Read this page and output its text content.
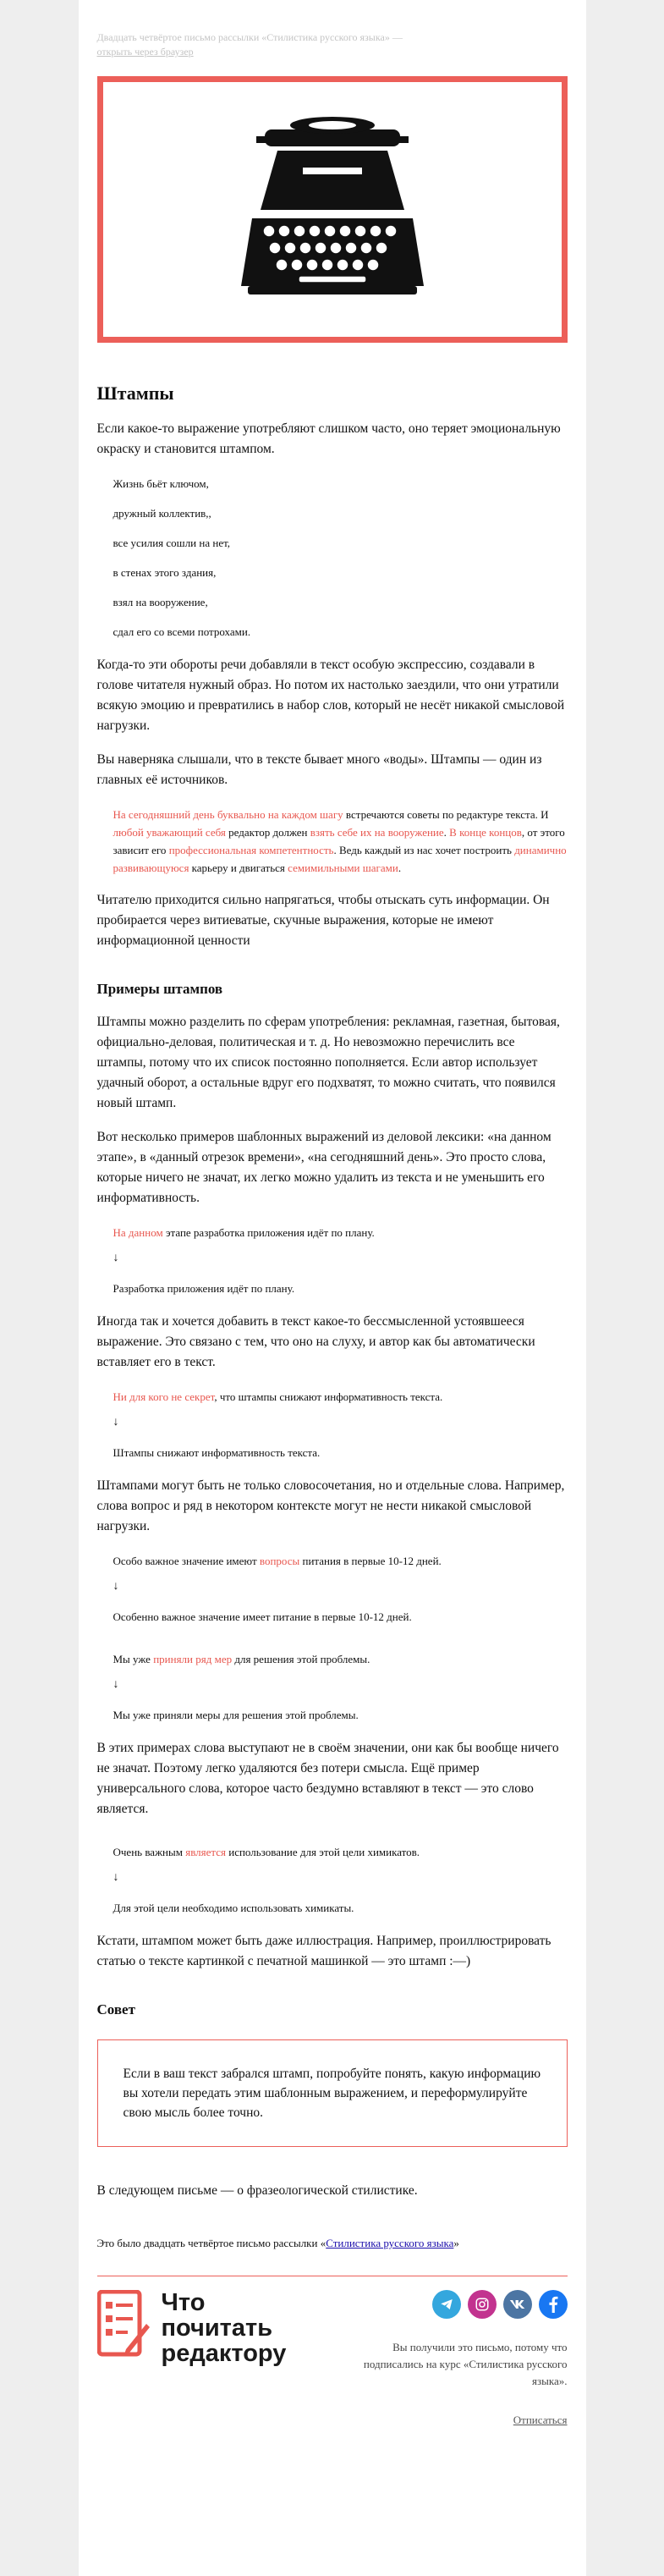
Двадцать четвёртое письмо рассылки «Стилистика русского языка» —
открыть через браузер
Штампы

Если какое-то выражение употребляют слишком часто, оно теряет эмоциональную окраску и становится штампом.

Жизнь бьёт ключом,
дружный коллектив,,
все усилия сошли на нет,
в стенах этого здания,
взял на вооружение,
сдал его со всеми потрохами.

Когда-то эти обороты речи добавляли в текст особую экспрессию, создавали в голове читателя нужный образ. Но потом их настолько заездили, что они утратили всякую эмоцию и превратились в набор слов, который не несёт никакой смысловой нагрузки.

Вы наверняка слышали, что в тексте бывает много «воды». Штампы — один из главных её источников.

На сегодняшний день буквально на каждом шагу встречаются советы по редактуре текста. И любой уважающий себя редактор должен взять себе их на вооружение. В конце концов, от этого зависит его профессиональная компетентность. Ведь каждый из нас хочет построить динамично развивающуюся карьеру и двигаться семимильными шагами.

Читателю приходится сильно напрягаться, чтобы отыскать суть информации. Он пробирается через витиеватые, скучные выражения, которые не имеют информационной ценности

Примеры штампов

Штампы можно разделить по сферам употребления: рекламная, газетная, бытовая, официально-деловая, политическая и т. д. Но невозможно перечислить все штампы, потому что их список постоянно пополняется. Если автор использует удачный оборот, а остальные вдруг его подхватят, то можно считать, что появился новый штамп.

Вот несколько примеров шаблонных выражений из деловой лексики: «на данном этапе», в «данный отрезок времени», «на сегодняшний день». Это просто слова, которые ничего не значат, их легко можно удалить из текста и не уменьшить его информативность.

На данном этапе разработка приложения идёт по плану.
↓
Разработка приложения идёт по плану.

Иногда так и хочется добавить в текст какое-то бессмысленной устоявшееся выражение. Это связано с тем, что оно на слуху, и автор как бы автоматически вставляет его в текст.

Ни для кого не секрет, что штампы снижают информативность текста.
↓
Штампы снижают информативность текста.

Штампами могут быть не только словосочетания, но и отдельные слова. Например, слова вопрос и ряд в некотором контексте могут не нести никакой смысловой нагрузки.

Особо важное значение имеют вопросы питания в первые 10-12 дней.
↓
Особенно важное значение имеет питание в первые 10-12 дней.
Мы уже приняли ряд мер для решения этой проблемы.
↓
Мы уже приняли меры для решения этой проблемы.

В этих примерах слова выступают не в своём значении, они как бы вообще ничего не значат. Поэтому легко удаляются без потери смысла. Ещё пример универсального слова, которое часто бездумно вставляют в текст — это слово является.

Очень важным является использование для этой цели химикатов.
↓
Для этой цели необходимо использовать химикаты.

Кстати, штампом может быть даже иллюстрация. Например, проиллюстрировать статью о тексте картинкой с печатной машинкой — это штамп :—)

Совет
Если в ваш текст забрался штамп, попробуйте понять, какую информацию вы хотели передать этим шаблонным выражением, и переформулируйте свою мысль более точно.

В следующем письме — о фразеологической стилистике.

Это было двадцать четвёртое письмо рассылки «Стилистика русского языка»

Что
почитать
редактору	Вы получили это письмо, потому что подписались на курс «Стилистика русского языка».
Отписаться
